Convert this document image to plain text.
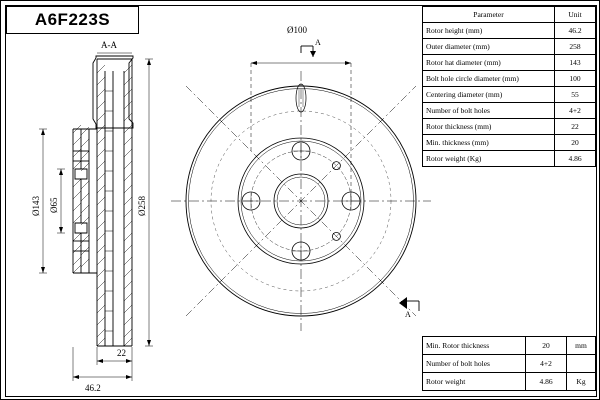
Ø100
A-A	A
A
22
46.2
Ø143 Ø65	Ø258
A6F223S	Parameter	Unit
Rotor height (mm)	46.2
Outer diameter (mm)	258
Rotor hat diameter (mm)	143
Bolt hole circle diameter (mm)	100
Centering diameter (mm)	55
Number of bolt holes	4+2
Rotor thickness (mm)	22
Min. thickness (mm)	20
Rotor weight (Kg)	4.86
Min. Rotor thickness	20	mm
Number of bolt holes	4+2	
Rotor weight	4.86	Kg
